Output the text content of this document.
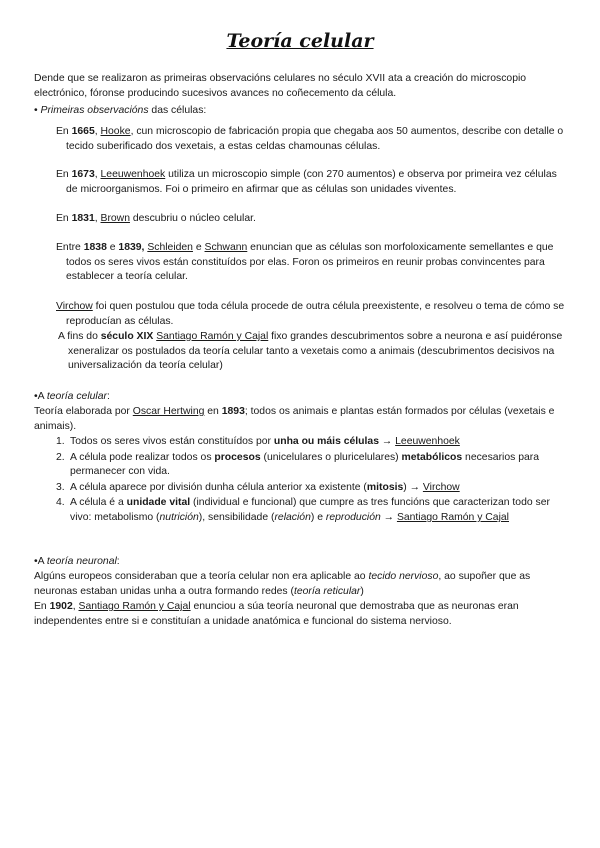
Teoría celular

Dende que se realizaron as primeiras observacións celulares no século XVII ata a creación do microscopio electrónico, fóronse producindo sucesivos avances no coñecemento da célula.

• Primeiras observacións das células:

En 1665, Hooke, cun microscopio de fabricación propia que chegaba aos 50 aumentos, describe con detalle o tecido suberificado dos vexetais, a estas celdas chamounas células.

En 1673, Leeuwenhoek utiliza un microscopio simple (con 270 aumentos) e observa por primeira vez células de microorganismos. Foi o primeiro en afirmar que as células son unidades viventes.

En 1831, Brown descubriu o núcleo celular.

Entre 1838 e 1839, Schleiden e Schwann enuncian que as células son morfoloxicamente semellantes e que todos os seres vivos están constituídos por elas. Foron os primeiros en reunir probas convincentes para establecer a teoría celular.

Virchow foi quen postulou que toda célula procede de outra célula preexistente, e resolveu o tema de cómo se reproducían as células.

A fins do século XIX Santiago Ramón y Cajal fixo grandes descubrimentos sobre a neurona e así puidéronse xeneralizar os postulados da teoría celular tanto a vexetais como a animais (descubrimentos decisivos na universalización da teoría celular)

•A teoría celular:

Teoría elaborada por Oscar Hertwing en 1893; todos os animais e plantas están formados por células (vexetais e animais).

1. Todos os seres vivos están constituídos por unha ou máis células → Leeuwenhoek
2. A célula pode realizar todos os procesos (unicelulares o pluricelulares) metabólicos necesarios para permanecer con vida.
3. A célula aparece por división dunha célula anterior xa existente (mitosis) → Virchow
4. A célula é a unidade vital (individual e funcional) que cumpre as tres funcións que caracterizan todo ser vivo: metabolismo (nutrición), sensibilidade (relación) e reprodución → Santiago Ramón y Cajal

•A teoría neuronal:

Algúns europeos consideraban que a teoría celular non era aplicable ao tecido nervioso, ao supoñer que as neuronas estaban unidas unha a outra formando redes (teoría reticular)

En 1902, Santiago Ramón y Cajal enunciou a súa teoría neuronal que demostraba que as neuronas eran independentes entre si e constituían a unidade anatómica e funcional do sistema nervioso.
